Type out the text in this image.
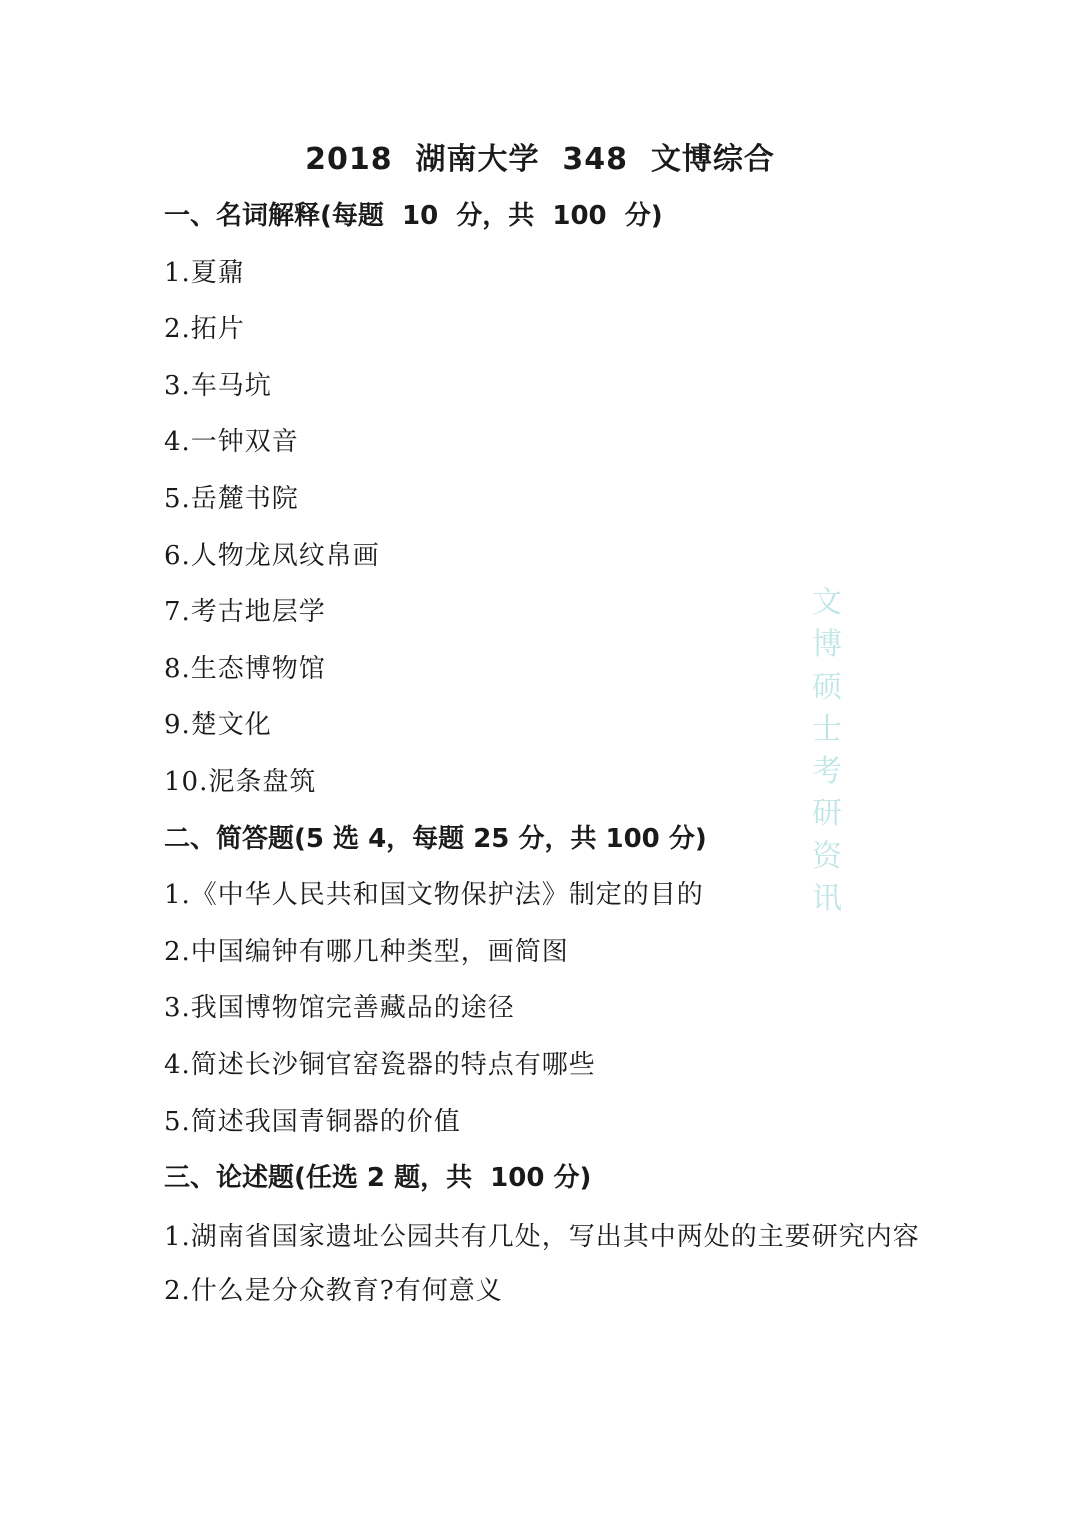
2018  湖南大学  348  文博综合
一、名词解释(每题  10  分，共  100  分)
1.夏鼐
2.拓片
3.车马坑
4.一钟双音
5.岳麓书院
6.人物龙凤纹帛画
7.考古地层学
8.生态博物馆
9.楚文化
10.泥条盘筑
二、简答题(5 选 4，每题 25 分，共 100 分)
1.《中华人民共和国文物保护法》制定的目的
2.中国编钟有哪几种类型，画简图
3.我国博物馆完善藏品的途径
4.简述长沙铜官窑瓷器的特点有哪些
5.简述我国青铜器的价值
三、论述题(任选 2 题，共  100 分)
1.湖南省国家遗址公园共有几处，写出其中两处的主要研究内容
2.什么是分众教育?有何意义
文博硕士考研资讯
